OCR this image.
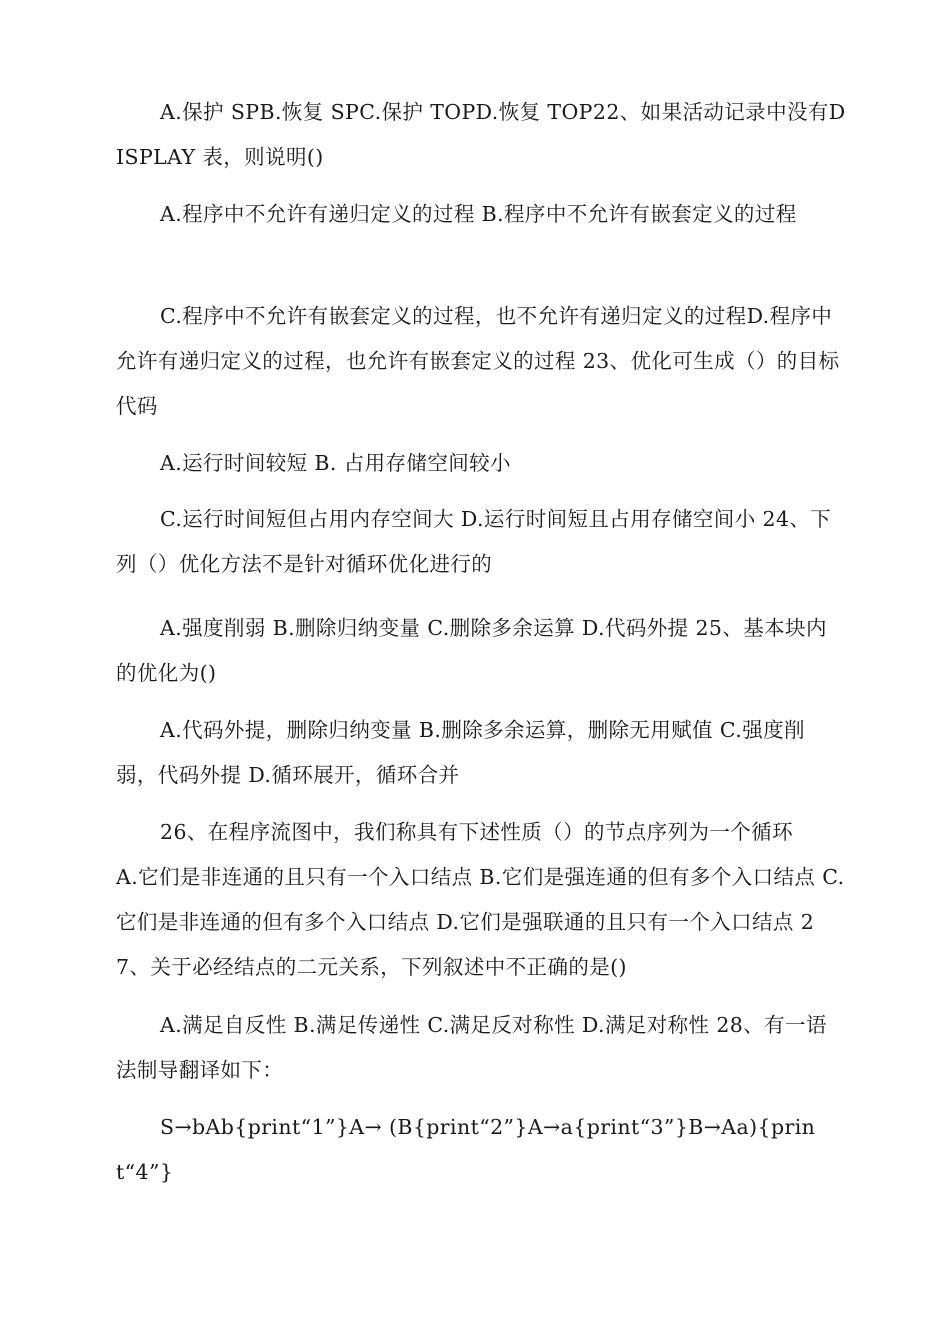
A.保护 SPB.恢复 SPC.保护 TOPD.恢复 TOP22、如果活动记录中没有DISPLAY 表，则说明()

A.程序中不允许有递归定义的过程 B.程序中不允许有嵌套定义的过程

C.程序中不允许有嵌套定义的过程，也不允许有递归定义的过程D.程序中允许有递归定义的过程，也允许有嵌套定义的过程 23、优化可生成（）的目标代码

A.运行时间较短 B. 占用存储空间较小

C.运行时间短但占用内存空间大 D.运行时间短且占用存储空间小 24、下列（）优化方法不是针对循环优化进行的

A.强度削弱 B.删除归纳变量 C.删除多余运算 D.代码外提 25、基本块内的优化为()

A.代码外提，删除归纳变量 B.删除多余运算，删除无用赋值 C.强度削弱，代码外提 D.循环展开，循环合并

26、在程序流图中，我们称具有下述性质（）的节点序列为一个循环

A.它们是非连通的且只有一个入口结点 B.它们是强连通的但有多个入口结点 C.它们是非连通的但有多个入口结点 D.它们是强联通的且只有一个入口结点 27、关于必经结点的二元关系，下列叙述中不正确的是()

A.满足自反性 B.满足传递性 C.满足反对称性 D.满足对称性 28、有一语法制导翻译如下：

S→bAb{print“1”}A→ (B{print“2”}A→a{print“3”}B→Aa){print“4”}
